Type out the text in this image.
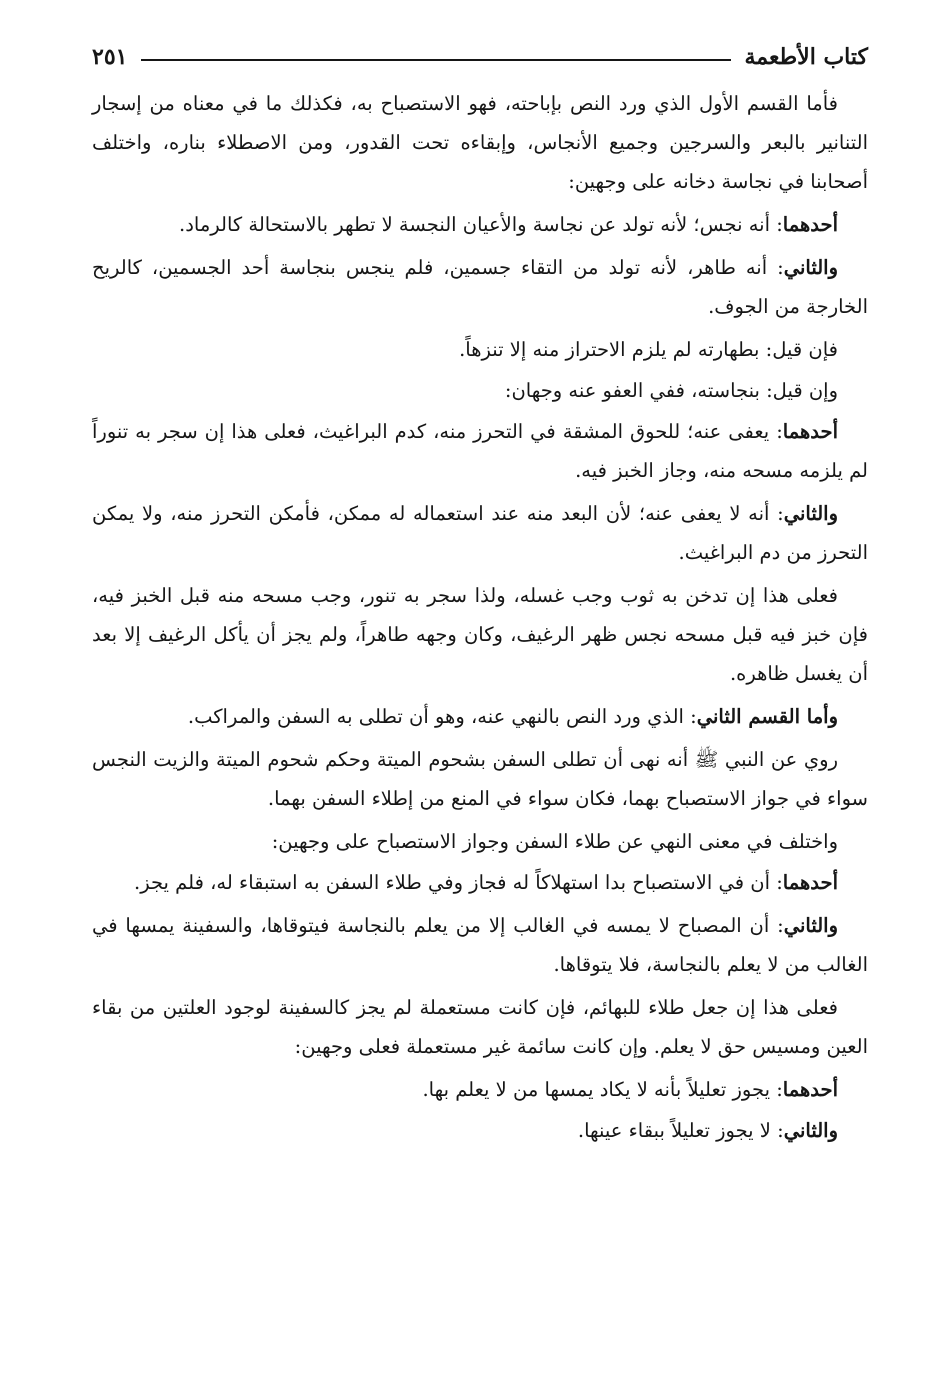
كتاب الأطعمة
٢٥١

فأما القسم الأول الذي ورد النص بإباحته، فهو الاستصباح به، فكذلك ما في معناه من إسجار التنانير بالبعر والسرجين وجميع الأنجاس، وإبقاءه تحت القدور، ومن الاصطلاء بناره، واختلف أصحابنا في نجاسة دخانه على وجهين:

أحدهما: أنه نجس؛ لأنه تولد عن نجاسة والأعيان النجسة لا تطهر بالاستحالة كالرماد.

والثاني: أنه طاهر، لأنه تولد من التقاء جسمين، فلم ينجس بنجاسة أحد الجسمين، كالريح الخارجة من الجوف.

فإن قيل: بطهارته لم يلزم الاحتراز منه إلا تنزهاً.

وإن قيل: بنجاسته، ففي العفو عنه وجهان:

أحدهما: يعفى عنه؛ للحوق المشقة في التحرز منه، كدم البراغيث، فعلى هذا إن سجر به تنوراً لم يلزمه مسحه منه، وجاز الخبز فيه.

والثاني: أنه لا يعفى عنه؛ لأن البعد منه عند استعماله له ممكن، فأمكن التحرز منه، ولا يمكن التحرز من دم البراغيث.

فعلى هذا إن تدخن به ثوب وجب غسله، ولذا سجر به تنور، وجب مسحه منه قبل الخبز فيه، فإن خبز فيه قبل مسحه نجس ظهر الرغيف، وكان وجهه طاهراً، ولم يجز أن يأكل الرغيف إلا بعد أن يغسل ظاهره.

وأما القسم الثاني: الذي ورد النص بالنهي عنه، وهو أن تطلى به السفن والمراكب.

روي عن النبي ﷺ أنه نهى أن تطلى السفن بشحوم الميتة وحكم شحوم الميتة والزيت النجس سواء في جواز الاستصباح بهما، فكان سواء في المنع من إطلاء السفن بهما.

واختلف في معنى النهي عن طلاء السفن وجواز الاستصباح على وجهين:

أحدهما: أن في الاستصباح بدا استهلاكاً له فجاز وفي طلاء السفن به استبقاء له، فلم يجز.

والثاني: أن المصباح لا يمسه في الغالب إلا من يعلم بالنجاسة فيتوقاها، والسفينة يمسها في الغالب من لا يعلم بالنجاسة، فلا يتوقاها.

فعلى هذا إن جعل طلاء للبهائم، فإن كانت مستعملة لم يجز كالسفينة لوجود العلتين من بقاء العين ومسيس حق لا يعلم. وإن كانت سائمة غير مستعملة فعلى وجهين:

أحدهما: يجوز تعليلاً بأنه لا يكاد يمسها من لا يعلم بها.

والثاني: لا يجوز تعليلاً ببقاء عينها.
